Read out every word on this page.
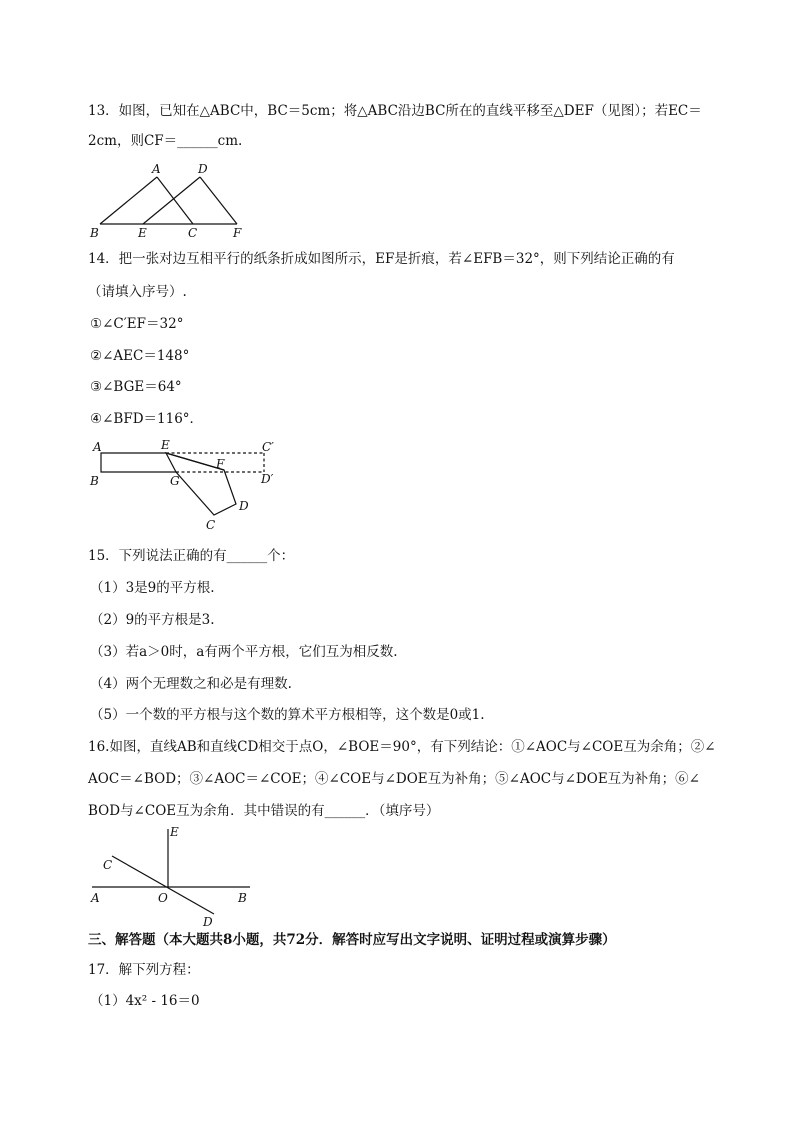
13．如图，已知在△ABC中，BC＝5cm；将△ABC沿边BC所在的直线平移至△DEF（见图）；若EC＝
2cm，则CF＝______cm.
A	D
B	E	C	F
14．把一张对边互相平行的纸条折成如图所示，EF是折痕，若∠EFB＝32°，则下列结论正确的有
（请填入序号）.
①∠C′EF＝32°
②∠AEC＝148°
③∠BGE＝64°
④∠BFD＝116°．
A	E	C′
F
D′
B	G
D
C
15．下列说法正确的有______个：
（1）3是9的平方根.
（2）9的平方根是3.
（3）若a＞0时，a有两个平方根，它们互为相反数.
（4）两个无理数之和必是有理数.
（5）一个数的平方根与这个数的算术平方根相等，这个数是0或1.
16.如图，直线AB和直线CD相交于点O，∠BOE＝90°，有下列结论：①∠AOC与∠COE互为余角；②∠
AOC＝∠BOD；③∠AOC＝∠COE；④∠COE与∠DOE互为补角；⑤∠AOC与∠DOE互为补角；⑥∠
BOD与∠COE互为余角．其中错误的有______．（填序号）
E
C
A	O	B
D
三、解答题（本大题共8小题，共72分．解答时应写出文字说明、证明过程或演算步骤）
17．解下列方程：
（1）4x² - 16＝0
